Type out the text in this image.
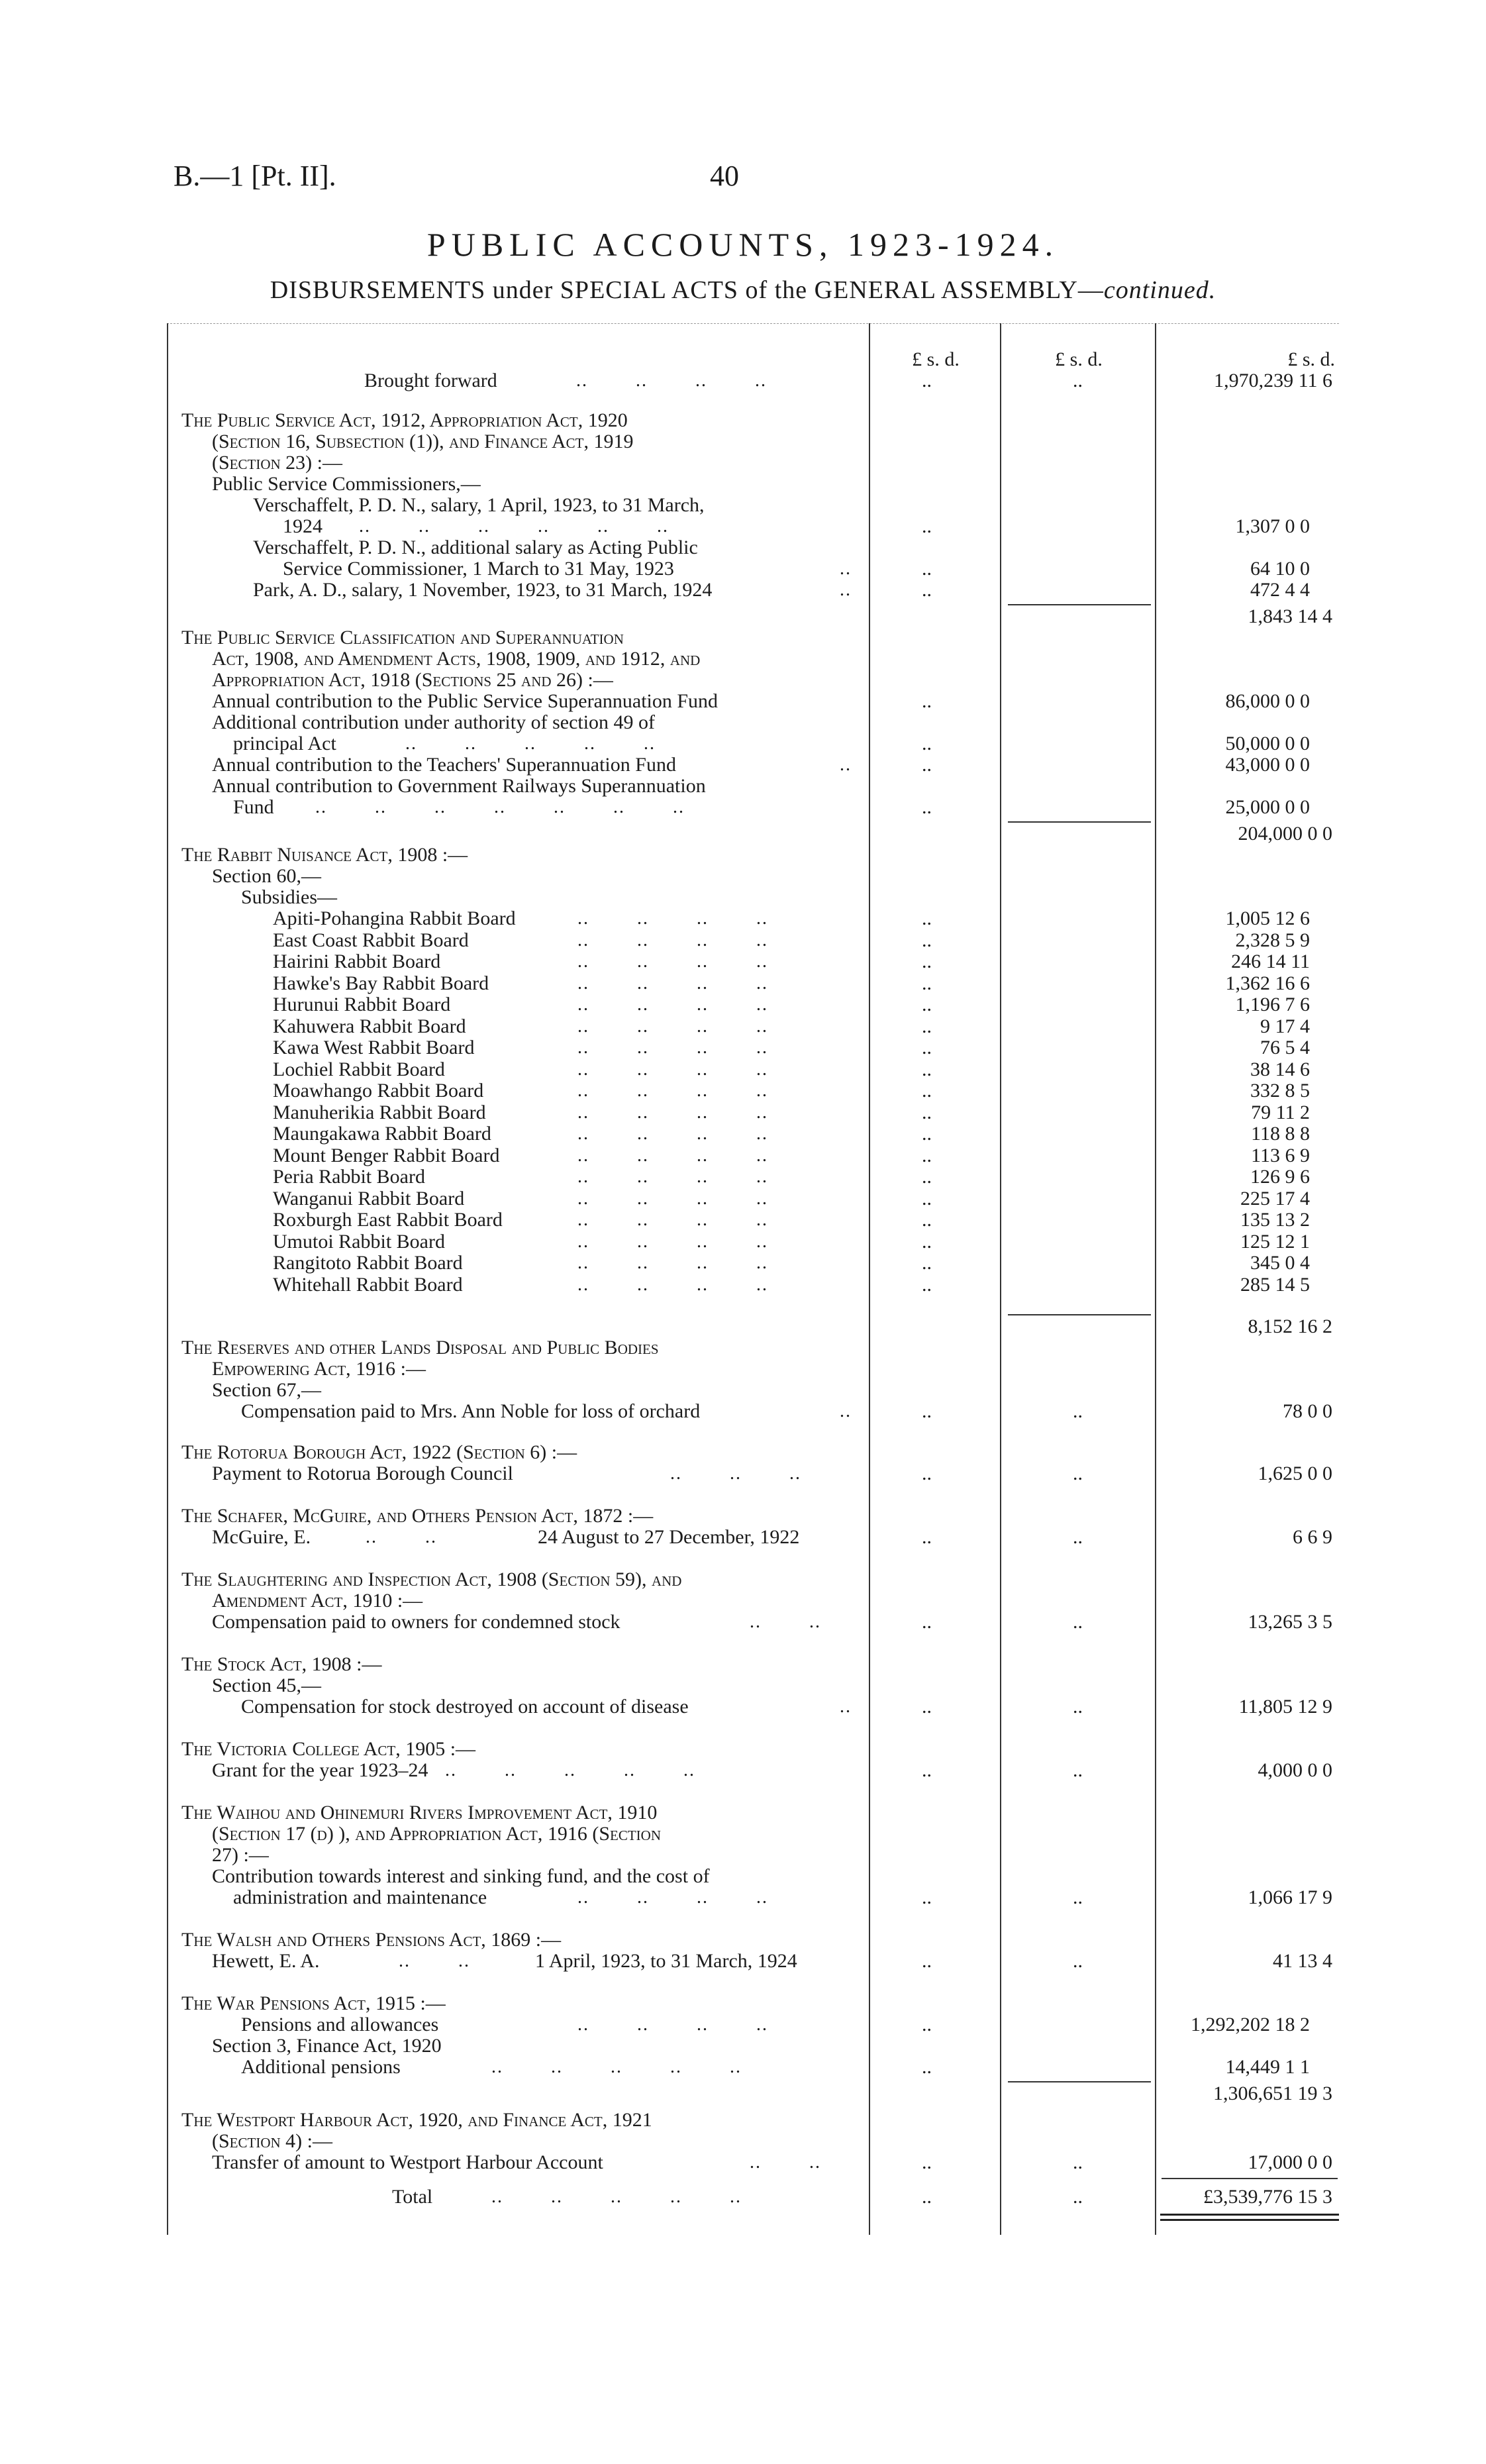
B.—1 [Pt. II].	40
PUBLIC ACCOUNTS, 1923-1924.
DISBURSEMENTS under SPECIAL ACTS of the GENERAL ASSEMBLY—continued.
£ s. d.	£ s. d.	£ s. d.
Brought forward	..        ..        ..        ..	..	..	1,970,239 11 6
The Public Service Act, 1912, Appropriation Act, 1920
(Section 16, Subsection (1)), and Finance Act, 1919
(Section 23) :—
Public Service Commissioners,—
Verschaffelt, P. D. N., salary, 1 April, 1923, to 31 March,
1924 ..        ..        ..        ..        ..        ..	..	1,307 0 0
Verschaffelt, P. D. N., additional salary as Acting Public
Service Commissioner, 1 March to 31 May, 1923	..	..	64 10 0
Park, A. D., salary, 1 November, 1923, to 31 March, 1924	..	..	472 4 4
1,843 14 4
The Public Service Classification and Superannuation
Act, 1908, and Amendment Acts, 1908, 1909, and 1912, and
Appropriation Act, 1918 (Sections 25 and 26) :—
Annual contribution to the Public Service Superannuation Fund	..	86,000 0 0
Additional contribution under authority of section 49 of
principal Act	..        ..        ..        ..        ..	..	50,000 0 0
Annual contribution to the Teachers' Superannuation Fund	..	..	43,000 0 0
Annual contribution to Government Railways Superannuation
Fund ..        ..        ..        ..        ..        ..        ..	..	25,000 0 0
204,000 0 0
The Rabbit Nuisance Act, 1908 :—
Section 60,—
Subsidies—
Apiti-Pohangina Rabbit Board	..        ..        ..        ..	..	1,005 12 6
East Coast Rabbit Board	..        ..        ..        ..	..	2,328 5 9
Hairini Rabbit Board	..        ..        ..        ..	..	246 14 11
Hawke's Bay Rabbit Board	..        ..        ..        ..	..	1,362 16 6
Hurunui Rabbit Board	..        ..        ..        ..	..	1,196 7 6
Kahuwera Rabbit Board	..        ..        ..        ..	..	9 17 4
Kawa West Rabbit Board	..        ..        ..        ..	..	76 5 4
Lochiel Rabbit Board	..        ..        ..        ..	..	38 14 6
Moawhango Rabbit Board	..        ..        ..        ..	..	332 8 5
Manuherikia Rabbit Board	..        ..        ..        ..	..	79 11 2
Maungakawa Rabbit Board	..        ..        ..        ..	..	118 8 8
Mount Benger Rabbit Board	..        ..        ..        ..	..	113 6 9
Peria Rabbit Board	..        ..        ..        ..	..	126 9 6
Wanganui Rabbit Board	..        ..        ..        ..	..	225 17 4
Roxburgh East Rabbit Board	..        ..        ..        ..	..	135 13 2
Umutoi Rabbit Board	..        ..        ..        ..	..	125 12 1
Rangitoto Rabbit Board	..        ..        ..        ..	..	345 0 4
Whitehall Rabbit Board	..        ..        ..        ..	..	285 14 5
8,152 16 2
The Reserves and other Lands Disposal and Public Bodies
Empowering Act, 1916 :—
Section 67,—
Compensation paid to Mrs. Ann Noble for loss of orchard	..	..	..	78 0 0
The Rotorua Borough Act, 1922 (Section 6) :—
Payment to Rotorua Borough Council	..        ..        ..	..	..	1,625 0 0
The Schafer, McGuire, and Others Pension Act, 1872 :—
McGuire, E.	..        ..	24 August to 27 December, 1922	..	..	6 6 9
The Slaughtering and Inspection Act, 1908 (Section 59), and
Amendment Act, 1910 :—
Compensation paid to owners for condemned stock	..        ..	..	..	13,265 3 5
The Stock Act, 1908 :—
Section 45,—
Compensation for stock destroyed on account of disease	..	..	..	11,805 12 9
The Victoria College Act, 1905 :—
Grant for the year 1923–24 ..        ..        ..        ..        ..	..	..	4,000 0 0
The Waihou and Ohinemuri Rivers Improvement Act, 1910
(Section 17 (d) ), and Appropriation Act, 1916 (Section
27) :—
Contribution towards interest and sinking fund, and the cost of
administration and maintenance	..        ..        ..        ..	..	..	1,066 17 9
The Walsh and Others Pensions Act, 1869 :—
Hewett, E. A.	..        ..	1 April, 1923, to 31 March, 1924	..	..	41 13 4
The War Pensions Act, 1915 :—
Pensions and allowances	..        ..        ..        ..	..	1,292,202 18 2
Section 3, Finance Act, 1920
Additional pensions	..        ..        ..        ..        ..	..	14,449 1 1
1,306,651 19 3
The Westport Harbour Act, 1920, and Finance Act, 1921
(Section 4) :—
Transfer of amount to Westport Harbour Account	..        ..	..	..	17,000 0 0
Total	..        ..        ..        ..        ..	..	..	£3,539,776 15 3
